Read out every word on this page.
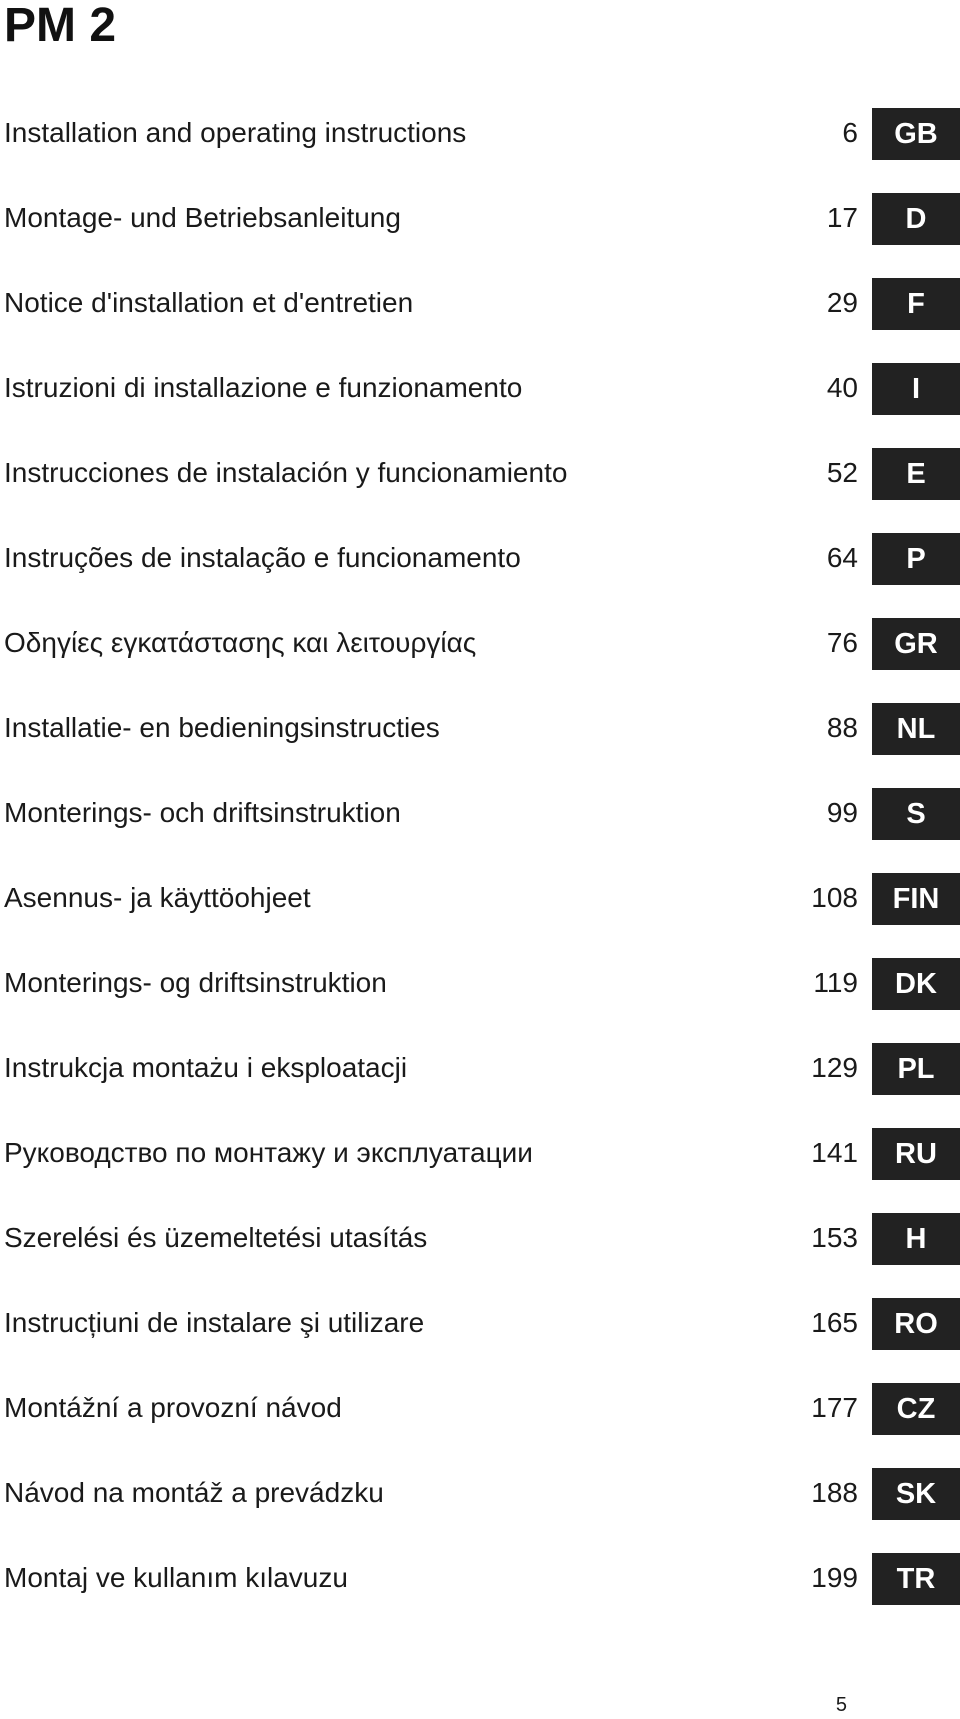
PM 2
Installation and operating instructions	6	GB
Montage- und Betriebsanleitung	17	D
Notice d'installation et d'entretien	29	F
Istruzioni di installazione e funzionamento	40	I
Instrucciones de instalación y funcionamiento	52	E
Instruções de instalação e funcionamento	64	P
Οδηγίες εγκατάστασης και λειτουργίας	76	GR
Installatie- en bedieningsinstructies	88	NL
Monterings- och driftsinstruktion	99	S
Asennus- ja käyttöohjeet	108	FIN
Monterings- og driftsinstruktion	119	DK
Instrukcja montażu i eksploatacji	129	PL
Руководство по монтажу и эксплуатации	141	RU
Szerelési és üzemeltetési utasítás	153	H
Instrucțiuni de instalare şi utilizare	165	RO
Montážní a provozní návod	177	CZ
Návod na montáž a prevádzku	188	SK
Montaj ve kullanım kılavuzu	199	TR
5
